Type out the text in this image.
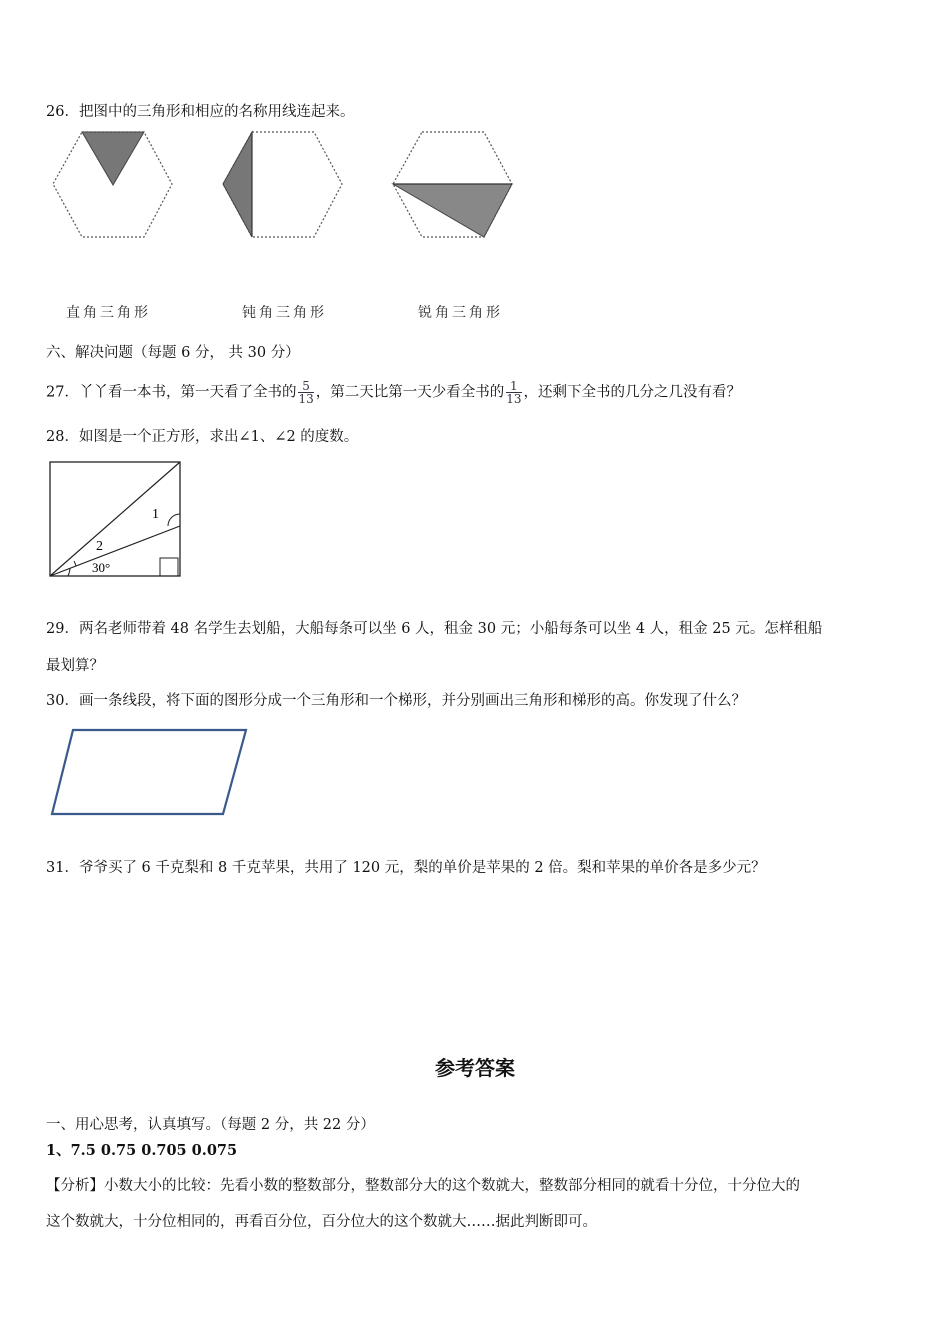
26．把图中的三角形和相应的名称用线连起来。
直角三角形	钝角三角形	锐角三角形
六、解决问题（每题 6 分， 共 30 分）
27．丫丫看一本书，第一天看了全书的 $\frac{5}{13}$ ，第二天比第一天少看全书的 $\frac{1}{13}$ ，还剩下全书的几分之几没有看？
28．如图是一个正方形，求出∠1、∠2 的度数。
1
2
30°
29．两名老师带着 48 名学生去划船，大船每条可以坐 6 人，租金 30 元；小船每条可以坐 4 人，租金 25 元。怎样租船
最划算？
30．画一条线段，将下面的图形分成一个三角形和一个梯形，并分别画出三角形和梯形的高。你发现了什么？
31．爷爷买了 6 千克梨和 8 千克苹果，共用了 120 元，梨的单价是苹果的 2 倍。梨和苹果的单价各是多少元？
参考答案
一、用心思考，认真填写。（每题 2 分，共 22 分）
1、7.5 0.75 0.705 0.075
【分析】小数大小的比较：先看小数的整数部分，整数部分大的这个数就大，整数部分相同的就看十分位，十分位大的
这个数就大，十分位相同的，再看百分位，百分位大的这个数就大……据此判断即可。
